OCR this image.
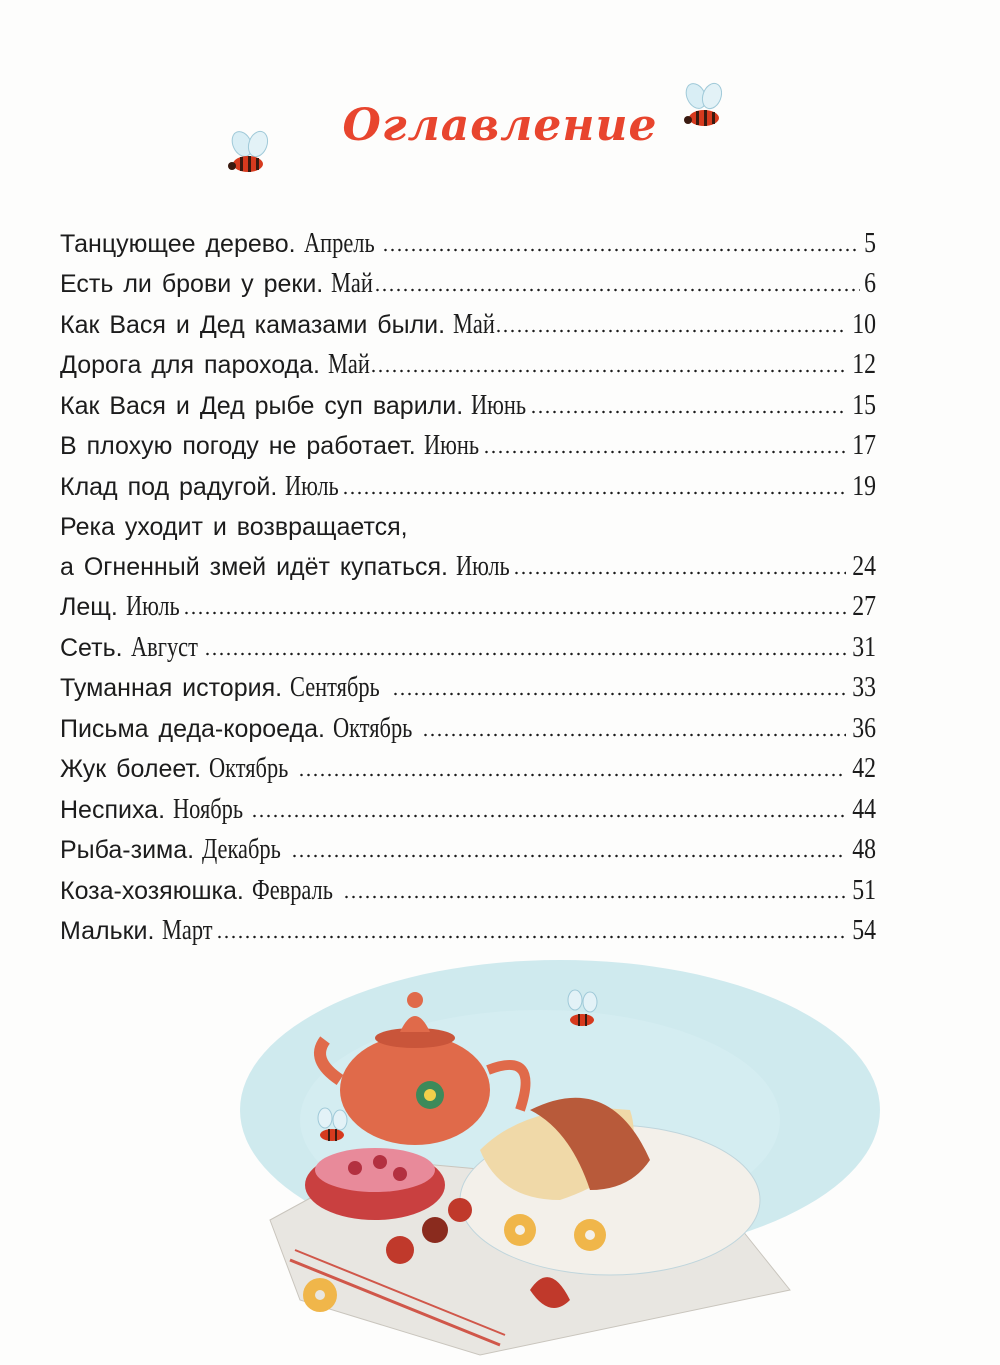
Оглавление
Танцующее дерево. Апрель	5
Есть ли брови у реки. Май	6
Как Вася и Дед камазами были. Май	10
Дорога для парохода. Май	12
Как Вася и Дед рыбе суп варили. Июнь	15
В плохую погоду не работает. Июнь	17
Клад под радугой. Июль	19
Река уходит и возвращается,
а Огненный змей идёт купаться. Июль	24
Лещ. Июль	27
Сеть. Август	31
Туманная история. Сентябрь	33
Письма деда-короеда. Октябрь	36
Жук болеет. Октябрь	42
Неспиха. Ноябрь	44
Рыба-зима. Декабрь	48
Коза-хозяюшка. Февраль	51
Мальки. Март	54
